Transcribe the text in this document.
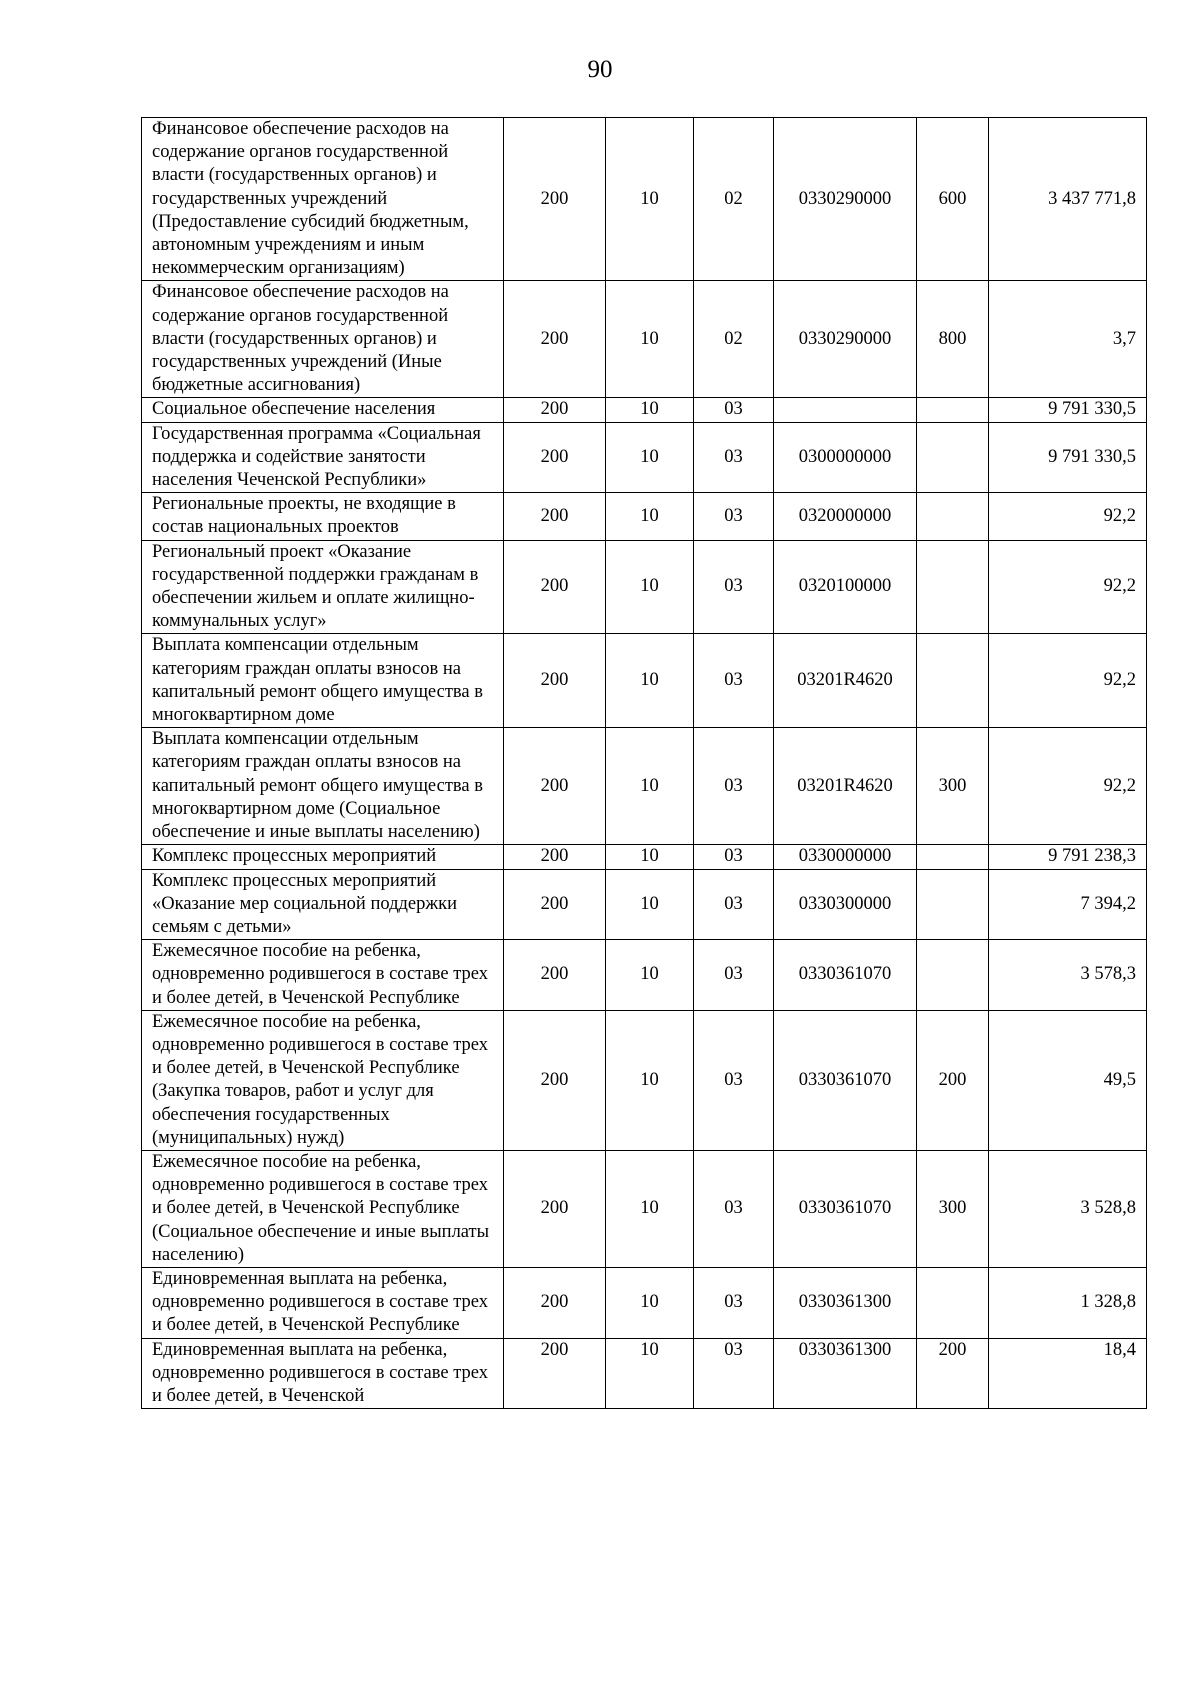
90
Финансовое обеспечение расходов на содержание органов государственной власти (государственных органов) и государственных учреждений (Предоставление субсидий бюджетным, автономным учреждениям и иным некоммерческим организациям)	200	10	02	0330290000	600	3 437 771,8
Финансовое обеспечение расходов на содержание органов государственной власти (государственных органов) и государственных учреждений (Иные бюджетные ассигнования)	200	10	02	0330290000	800	3,7
Социальное обеспечение населения	200	10	03			9 791 330,5
Государственная программа «Социальная поддержка и содействие занятости населения Чеченской Республики»	200	10	03	0300000000		9 791 330,5
Региональные проекты, не входящие в состав национальных проектов	200	10	03	0320000000		92,2
Региональный проект «Оказание государственной поддержки гражданам в обеспечении жильем и оплате жилищно-коммунальных услуг»	200	10	03	0320100000		92,2
Выплата компенсации отдельным категориям граждан оплаты взносов на капитальный ремонт общего имущества в многоквартирном доме	200	10	03	03201R4620		92,2
Выплата компенсации отдельным категориям граждан оплаты взносов на капитальный ремонт общего имущества в многоквартирном доме (Социальное обеспечение и иные выплаты населению)	200	10	03	03201R4620	300	92,2
Комплекс процессных мероприятий	200	10	03	0330000000		9 791 238,3
Комплекс процессных мероприятий «Оказание мер социальной поддержки семьям с детьми»	200	10	03	0330300000		7 394,2
Ежемесячное пособие на ребенка, одновременно родившегося в составе трех и более детей, в Чеченской Республике	200	10	03	0330361070		3 578,3
Ежемесячное пособие на ребенка, одновременно родившегося в составе трех и более детей, в Чеченской Республике (Закупка товаров, работ и услуг для обеспечения государственных (муниципальных) нужд)	200	10	03	0330361070	200	49,5
Ежемесячное пособие на ребенка, одновременно родившегося в составе трех и более детей, в Чеченской Республике (Социальное обеспечение и иные выплаты населению)	200	10	03	0330361070	300	3 528,8
Единовременная выплата на ребенка, одновременно родившегося в составе трех и более детей, в Чеченской Республике	200	10	03	0330361300		1 328,8
Единовременная выплата на ребенка, одновременно родившегося в составе трех и более детей, в Чеченской	200	10	03	0330361300	200	18,4
